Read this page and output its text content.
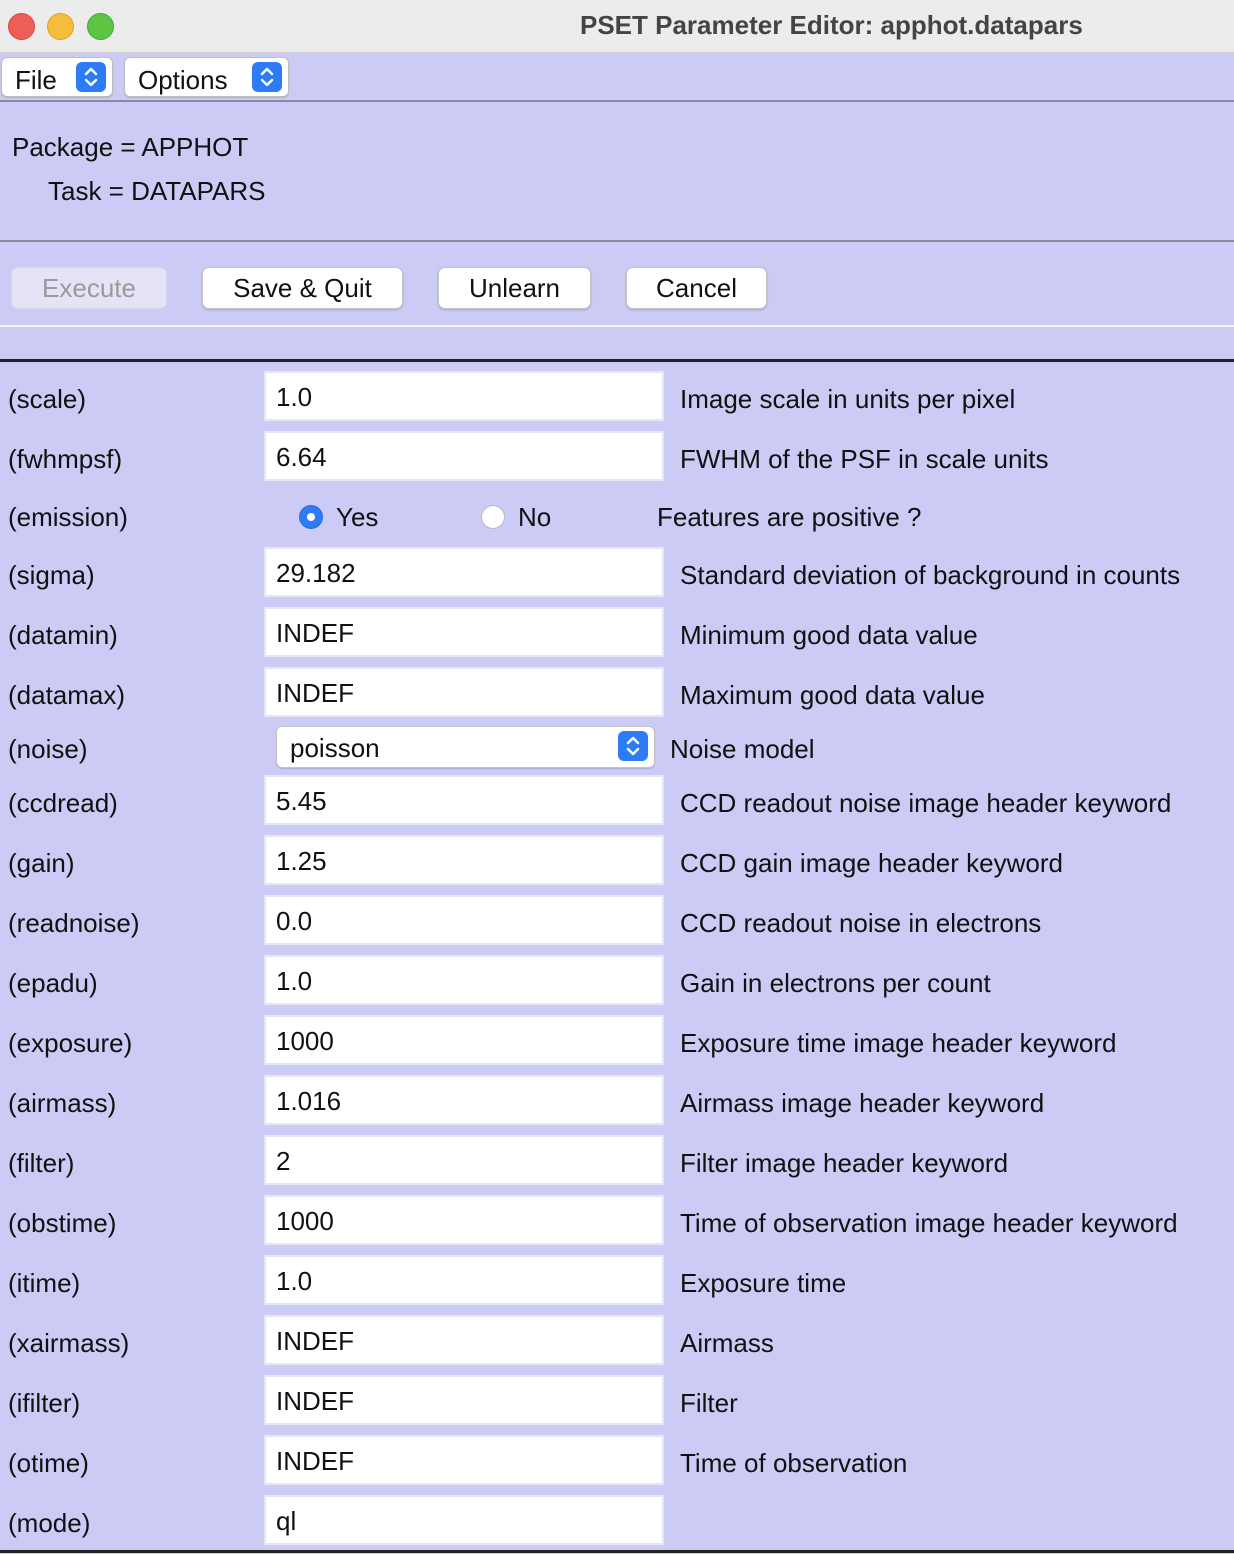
PSET Parameter Editor: apphot.datapars
File	Options
Package = APPHOT
Task = DATAPARS
Execute	Save & Quit	Unlearn	Cancel
(scale)	1.0	Image scale in units per pixel
(fwhmpsf)	6.64	FWHM of the PSF in scale units
(emission)	Yes	No	Features are positive ?
(sigma)	29.182	Standard deviation of background in counts
(datamin)	INDEF	Minimum good data value
(datamax)	INDEF	Maximum good data value
(noise)	poisson	Noise model
(ccdread)	5.45	CCD readout noise image header keyword
(gain)	1.25	CCD gain image header keyword
(readnoise)	0.0	CCD readout noise in electrons
(epadu)	1.0	Gain in electrons per count
(exposure)	1000	Exposure time image header keyword
(airmass)	1.016	Airmass image header keyword
(filter)	2	Filter image header keyword
(obstime)	1000	Time of observation image header keyword
(itime)	1.0	Exposure time
(xairmass)	INDEF	Airmass
(ifilter)	INDEF	Filter
(otime)	INDEF	Time of observation
(mode)	ql
